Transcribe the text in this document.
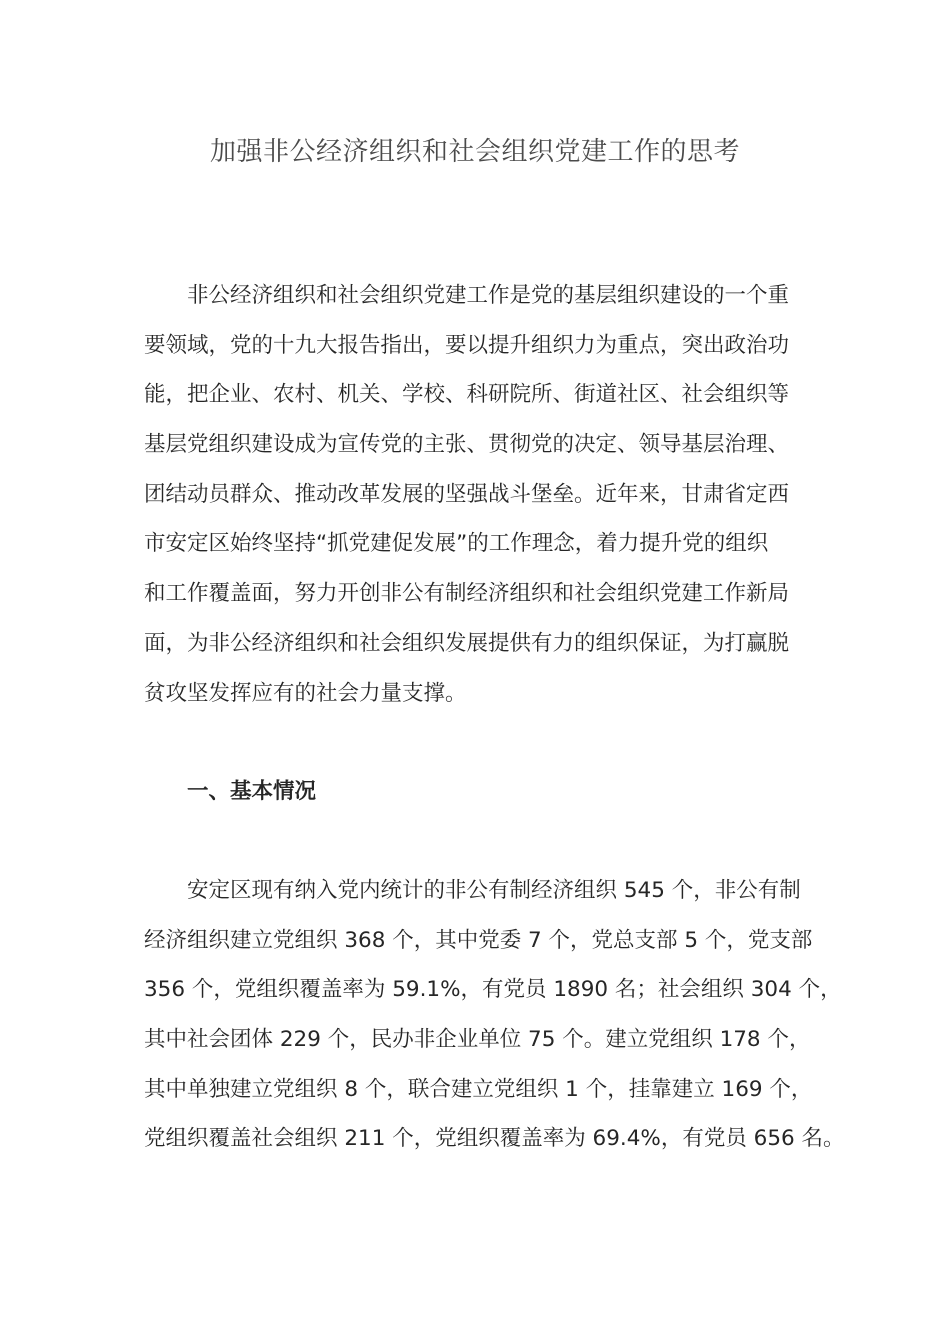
加强非公经济组织和社会组织党建工作的思考
非公经济组织和社会组织党建工作是党的基层组织建设的一个重
要领域，党的十九大报告指出，要以提升组织力为重点，突出政治功
能，把企业、农村、机关、学校、科研院所、街道社区、社会组织等
基层党组织建设成为宣传党的主张、贯彻党的决定、领导基层治理、
团结动员群众、推动改革发展的坚强战斗堡垒。近年来，甘肃省定西
市安定区始终坚持“抓党建促发展”的工作理念，着力提升党的组织
和工作覆盖面，努力开创非公有制经济组织和社会组织党建工作新局
面，为非公经济组织和社会组织发展提供有力的组织保证，为打赢脱
贫攻坚发挥应有的社会力量支撑。
一、基本情况
安定区现有纳入党内统计的非公有制经济组织 545 个，非公有制
经济组织建立党组织 368 个，其中党委 7 个，党总支部 5 个，党支部
356 个，党组织覆盖率为 59.1%，有党员 1890 名；社会组织 304 个，
其中社会团体 229 个，民办非企业单位 75 个。建立党组织 178 个，
其中单独建立党组织 8 个，联合建立党组织 1 个，挂靠建立 169 个，
党组织覆盖社会组织 211 个，党组织覆盖率为 69.4%，有党员 656 名。
